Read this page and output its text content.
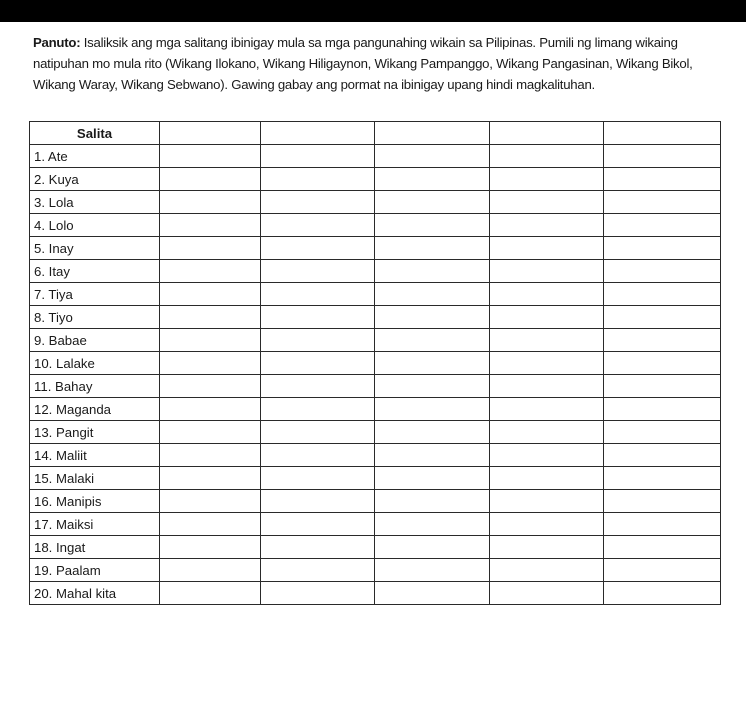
Panuto: Isaliksik ang mga salitang ibinigay mula sa mga pangunahing wikain sa Pilipinas. Pumili ng limang wikaing natipuhan mo mula rito (Wikang Ilokano, Wikang Hiligaynon, Wikang Pampanggo, Wikang Pangasinan, Wikang Bikol, Wikang Waray, Wikang Sebwano). Gawing gabay ang pormat na ibinigay upang hindi magkalituhan.

Salita					
1. Ate					
2. Kuya					
3. Lola					
4. Lolo					
5. Inay					
6. Itay					
7. Tiya					
8. Tiyo					
9. Babae					
10. Lalake					
11. Bahay					
12. Maganda					
13. Pangit					
14. Maliit					
15. Malaki					
16. Manipis					
17. Maiksi					
18. Ingat					
19. Paalam					
20. Mahal kita					
